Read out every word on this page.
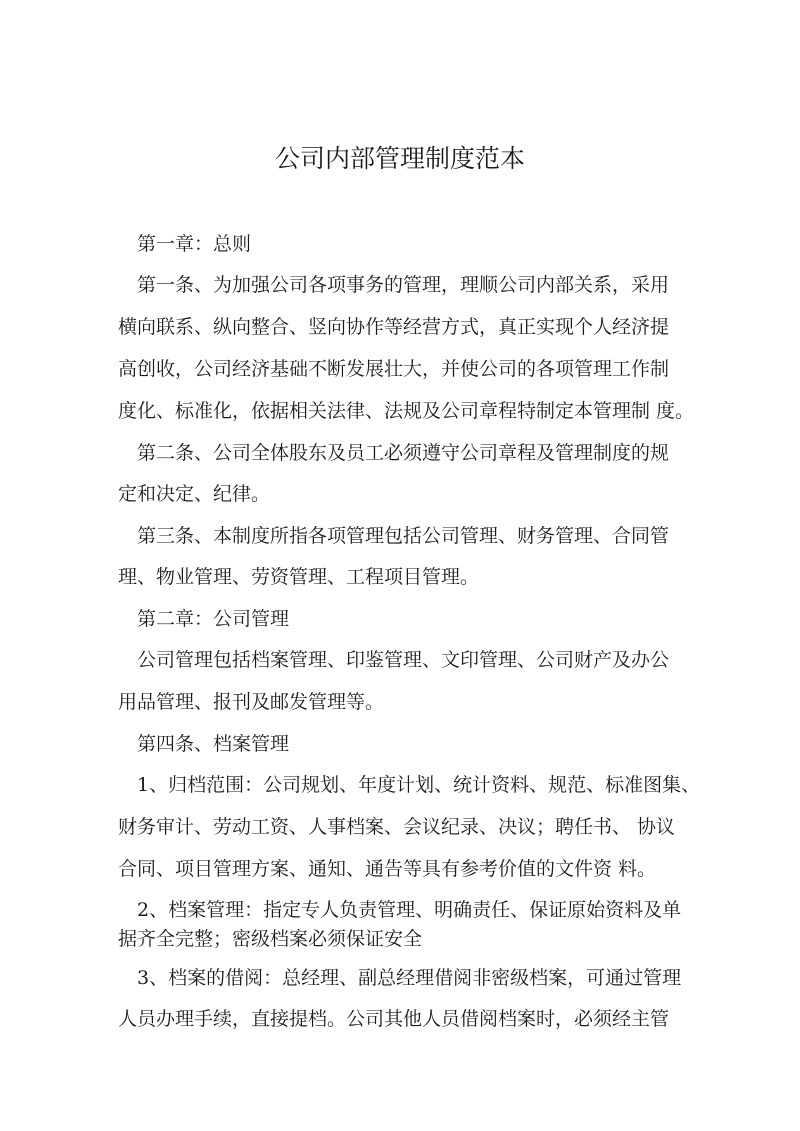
公司内部管理制度范本
第一章：总则
第一条、为加强公司各项事务的管理，理顺公司内部关系，采用
横向联系、纵向整合、竖向协作等经营方式，真正实现个人经济提
高创收，公司经济基础不断发展壮大，并使公司的各项管理工作制
度化、标准化，依据相关法律、法规及公司章程特制定本管理制 度。
第二条、公司全体股东及员工必须遵守公司章程及管理制度的规
定和决定、纪律。
第三条、本制度所指各项管理包括公司管理、财务管理、合同管
理、物业管理、劳资管理、工程项目管理。
第二章：公司管理
公司管理包括档案管理、印鉴管理、文印管理、公司财产及办公
用品管理、报刊及邮发管理等。
第四条、档案管理
1、归档范围：公司规划、年度计划、统计资料、规范、标准图集、
财务审计、劳动工资、人事档案、会议纪录、决议；聘任书、 协议
合同、项目管理方案、通知、通告等具有参考价值的文件资 料。
2、档案管理：指定专人负责管理、明确责任、保证原始资料及单
据齐全完整；密级档案必须保证安全
3、档案的借阅：总经理、副总经理借阅非密级档案，可通过管理
人员办理手续，直接提档。公司其他人员借阅档案时，必须经主管
